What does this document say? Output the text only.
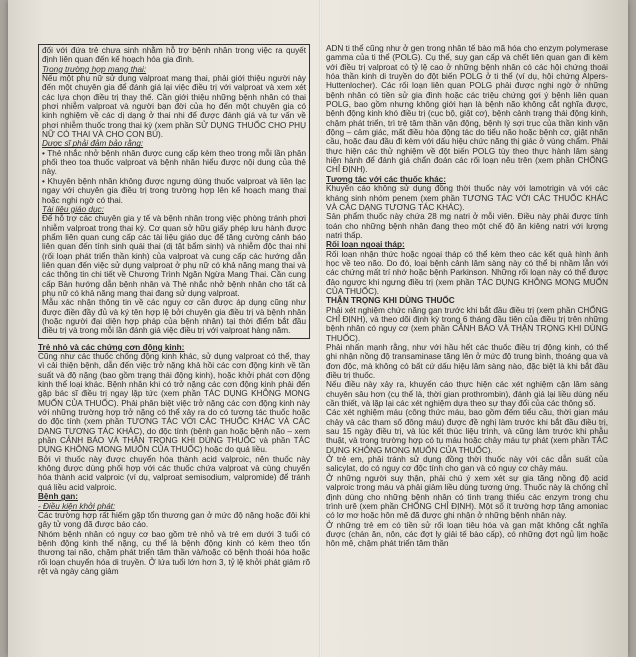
đối với đứa trẻ chưa sinh nhằm hỗ trợ bệnh nhân trong việc ra quyết định liên quan đến kế hoạch hóa gia đình.

Trong trường hợp mang thai:

Nếu một phụ nữ sử dụng valproat mang thai, phải giới thiệu người này đến một chuyên gia để đánh giá lại việc điều trị với valproat và xem xét các lựa chọn điều trị thay thế. Cần giới thiệu những bệnh nhân có thai phơi nhiễm valproat và người bạn đời của họ đến một chuyên gia có kinh nghiệm về các dị dạng ở thai nhi để được đánh giá và tư vấn về phơi nhiễm thuốc trong thai kỳ (xem phần SỬ DỤNG THUỐC CHO PHỤ NỮ CÓ THAI VÀ CHO CON BÚ).

Dược sĩ phải đảm bảo rằng:

• Thẻ nhắc nhở bệnh nhân được cung cấp kèm theo trong mỗi lần phân phối theo toa thuốc valproat và bệnh nhân hiểu được nội dung của thẻ này.

• Khuyên bệnh nhân không được ngưng dùng thuốc valproat và liên lạc ngay với chuyên gia điều trị trong trường hợp lên kế hoạch mang thai hoặc nghi ngờ có thai.

Tài liệu giáo dục:

Để hỗ trợ các chuyên gia y tế và bệnh nhân trong việc phòng tránh phơi nhiễm valproat trong thai kỳ. Cơ quan sở hữu giấy phép lưu hành được phẩm liên quan cung cấp các tài liệu giáo dục để tăng cường cảnh báo liên quan đến tính sinh quái thai (dị tật bẩm sinh) và nhiễm độc thai nhi (rối loạn phát triển thần kinh) của valproat và cung cấp các hướng dẫn liên quan đến việc sử dụng valproat ở phụ nữ có khả năng mang thai và các thông tin chi tiết về Chương Trình Ngăn Ngừa Mang Thai. Cần cung cấp Bản hướng dẫn bệnh nhân và Thẻ nhắc nhở bệnh nhân cho tất cả phụ nữ có khả năng mang thai đang sử dụng valproat.

Mẫu xác nhận thông tin về các nguy cơ cần được áp dụng cũng như được điền đầy đủ và ký tên hợp lệ bởi chuyên gia điều trị và bệnh nhân (hoặc người đại diện hợp pháp của bệnh nhân) tại thời điểm bắt đầu điều trị và trong mỗi lần đánh giá việc điều trị với valproat hàng năm.

Trẻ nhỏ và các chứng cơn động kinh:

Cũng như các thuốc chống động kinh khác, sử dụng valproat có thể, thay vì cải thiện bệnh, dẫn đến việc trở nặng khả hồi các cơn động kinh về tần suất và độ nặng (bao gồm trạng thái động kinh), hoặc khởi phát cơn động kinh thể loại khác. Bệnh nhân khi có trở nặng các cơn động kinh phải đến gặp bác sĩ điều trị ngay lập tức (xem phần TÁC DỤNG KHÔNG MONG MUỐN CỦA THUỐC). Phải phân biệt việc trở nặng các cơn động kinh này với những trường hợp trở nặng có thể xảy ra do có tương tác thuốc hoặc do độc tính (xem phần TƯƠNG TÁC VỚI CÁC THUỐC KHÁC VÀ CÁC DẠNG TƯƠNG TÁC KHÁC), do độc tính (bệnh gan hoặc bệnh não – xem phần CẢNH BÁO VÀ THẬN TRỌNG KHI DÙNG THUỐC và phần TÁC DỤNG KHÔNG MONG MUỐN CỦA THUỐC) hoặc do quá liều.

Bởi vì thuốc này được chuyển hóa thành acid valproic, nên thuốc này không được dùng phối hợp với các thuốc chứa valproat và cùng chuyển hóa thành acid valproic (ví dụ, valproat semisodium, valpromide) để tránh quá liều acid valproic.

Bệnh gan:

- Điều kiện khởi phát:

Các trường hợp rất hiếm gặp tổn thương gan ở mức độ nặng hoặc đôi khi gây tử vong đã được báo cáo.

Nhóm bệnh nhân có nguy cơ bao gồm trẻ nhỏ và trẻ em dưới 3 tuổi có bệnh động kinh thể nặng, cụ thể là bệnh động kinh có kèm theo tổn thương tại não, chậm phát triển tâm thần và/hoặc có bệnh thoái hóa hoặc rối loạn chuyển hóa di truyền. Ở lứa tuổi lớn hơn 3, tỷ lệ khởi phát giảm rõ rệt và ngày càng giảm

ADN ti thể cũng như ở gen trong nhân tế bào mã hóa cho enzym polymerase gamma của ti thể (POLG). Cụ thể, suy gan cấp và chết liên quan gan đi kèm với điều trị valproat có tỷ lệ cao ở những bệnh nhân có các hội chứng thoái hóa thần kinh di truyền do đột biến POLG ở ti thể (ví dụ, hội chứng Alpers-Huttenlocher). Các rối loạn liên quan POLG phải được nghi ngờ ở những bệnh nhân có tiền sử gia đình hoặc các triệu chứng gợi ý bệnh liên quan POLG, bao gồm nhưng không giới hạn là bệnh não không cắt nghĩa được, bệnh động kinh khó điều trị (cục bộ, giật cơ), bệnh cảnh trạng thái động kinh, chậm phát triển, trì trệ tâm thần vận động, bệnh lý sợi trục của thần kinh vận động – cảm giác, mất điều hòa động tác do tiểu não hoặc bệnh cơ, giật nhãn cầu, hoặc đau đầu đi kèm với dấu hiệu chức năng thị giác ở vùng chẩm. Phải thực hiện các thử nghiệm về đột biến POLG tùy theo thực hành lâm sàng hiện hành để đánh giá chẩn đoán các rối loạn nêu trên (xem phần CHỐNG CHỈ ĐỊNH).

Tương tác với các thuốc khác:

Khuyến cáo không sử dụng đồng thời thuốc này với lamotrigin và với các kháng sinh nhóm penem (xem phần TƯƠNG TÁC VỚI CÁC THUỐC KHÁC VÀ CÁC DẠNG TƯƠNG TÁC KHÁC).

Sản phẩm thuốc này chứa 28 mg natri ở mỗi viên. Điều này phải được tính toán cho những bệnh nhân đang theo một chế độ ăn kiêng natri với lượng natri thấp.

Rối loạn ngoại tháp:

Rối loạn nhận thức hoặc ngoại tháp có thể kèm theo các kết quả hình ảnh học về teo não. Do đó, loại bệnh cảnh lâm sàng này có thể bị nhầm lẫn với các chứng mất trí nhớ hoặc bệnh Parkinson. Những rối loạn này có thể được đảo ngược khi ngưng điều trị (xem phần TÁC DỤNG KHÔNG MONG MUỐN CỦA THUỐC).

THẬN TRỌNG KHI DÙNG THUỐC

Phải xét nghiệm chức năng gan trước khi bắt đầu điều trị (xem phần CHỐNG CHỈ ĐỊNH), và theo dõi định kỳ trong 6 tháng đầu tiên của điều trị trên những bệnh nhân có nguy cơ (xem phần CẢNH BÁO VÀ THẬN TRỌNG KHI DÙNG THUỐC).

Phải nhấn mạnh rằng, như với hầu hết các thuốc điều trị động kinh, có thể ghi nhận nồng độ transaminase tăng lên ở mức độ trung bình, thoáng qua và đơn độc, mà không có bất cứ dấu hiệu lâm sàng nào, đặc biệt là khi bắt đầu điều trị thuốc.

Nếu điều này xảy ra, khuyến cáo thực hiện các xét nghiệm cận lâm sàng chuyên sâu hơn (cụ thể là, thời gian prothrombin), đánh giá lại liều dùng nếu cần thiết, và lặp lại các xét nghiệm dựa theo sự thay đổi của các thông số.

Các xét nghiệm máu (công thức máu, bao gồm đếm tiểu cầu, thời gian máu chảy và các tham số đông máu) được đề nghị làm trước khi bắt đầu điều trị, sau 15 ngày điều trị, và lúc kết thúc liệu trình, và cũng làm trước khi phẫu thuật, và trong trường hợp có tụ máu hoặc chảy máu tự phát (xem phần TÁC DỤNG KHÔNG MONG MUỐN CỦA THUỐC).

Ở trẻ em, phải tránh sử dụng đồng thời thuốc này với các dẫn suất của salicylat, do có nguy cơ độc tính cho gan và có nguy cơ chảy máu.

Ở những người suy thận, phải chú ý xem xét sự gia tăng nồng độ acid valproic trong máu và phải giảm liều dùng tương ứng. Thuốc này là chống chỉ định dùng cho những bệnh nhân có tình trạng thiếu các enzym trong chu trình urê (xem phần CHỐNG CHỈ ĐỊNH). Một số ít trường hợp tăng amoniac có lơ mơ hoặc hôn mê đã được ghi nhận ở những bệnh nhân này.

Ở những trẻ em có tiền sử rối loạn tiêu hóa và gan mật không cắt nghĩa được (chán ăn, nôn, các đợt ly giải tế bào cấp), có những đợt ngủ lịm hoặc hôn mê, chậm phát triển tâm thần
